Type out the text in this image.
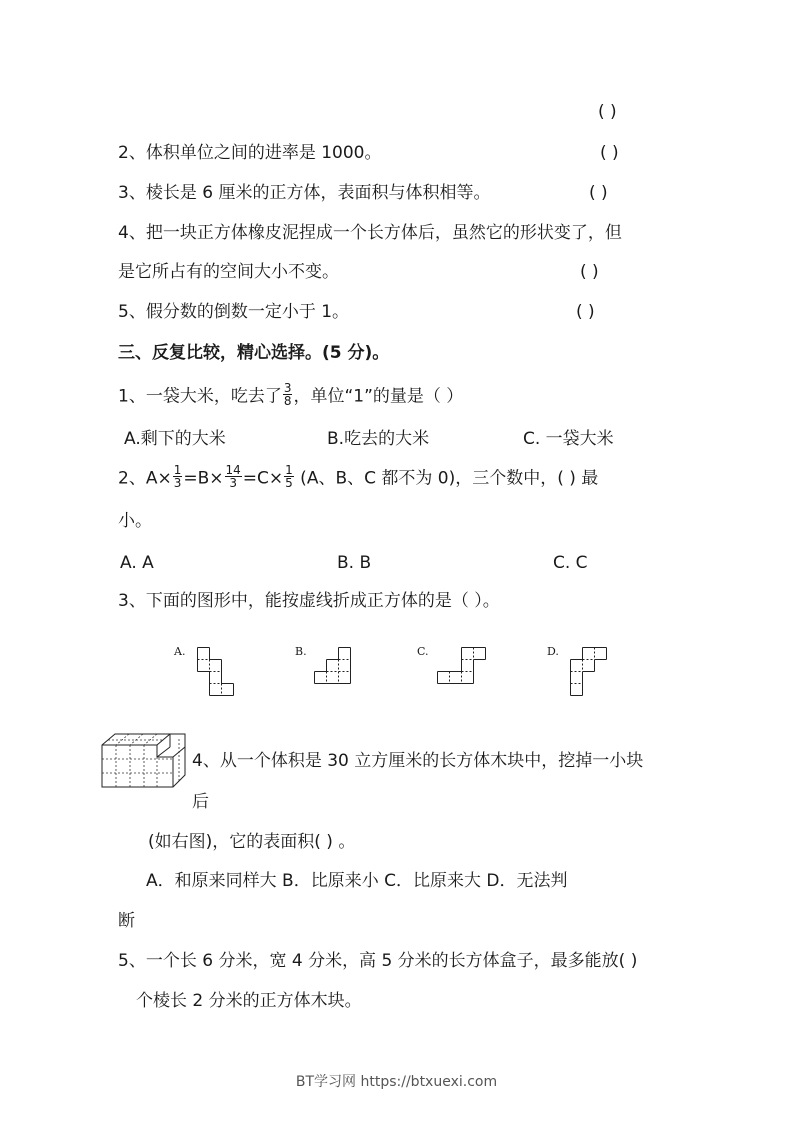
( )
2、体积单位之间的进率是 1000。	( )
3、棱长是 6 厘米的正方体，表面积与体积相等。	( )
4、把一块正方体橡皮泥捏成一个长方体后，虽然它的形状变了，但
是它所占有的空间大小不变。	( )
5、假分数的倒数一定小于 1。	( )
三、反复比较，精心选择。(5 分)。
1、一袋大米，吃去了 $\frac{3}{8}$ ，单位“1”的量是（ ）
A.剩下的大米	B.吃去的大米	C. 一袋大米
2、$A\times \frac{1}{3} =B\times \frac{14}{3} =C\times \frac{1}{5} (A$、B、C 都不为 0)，三个数中，( ) 最
小。
A. A	B. B	C. C
3、下面的图形中，能按虚线折成正方体的是（ ）。
A.	B.	C.	D.
4、从一个体积是 30 立方厘米的长方体木块中，挖掉一小块
后
(如右图)，它的表面积( ) 。
A．和原来同样大 B．比原来小 C．比原来大 D．无法判
断
5、一个长 6 分米，宽 4 分米，高 5 分米的长方体盒子，最多能放( )
个棱长 2 分米的正方体木块。
BT学习网 https://btxuexi.com
